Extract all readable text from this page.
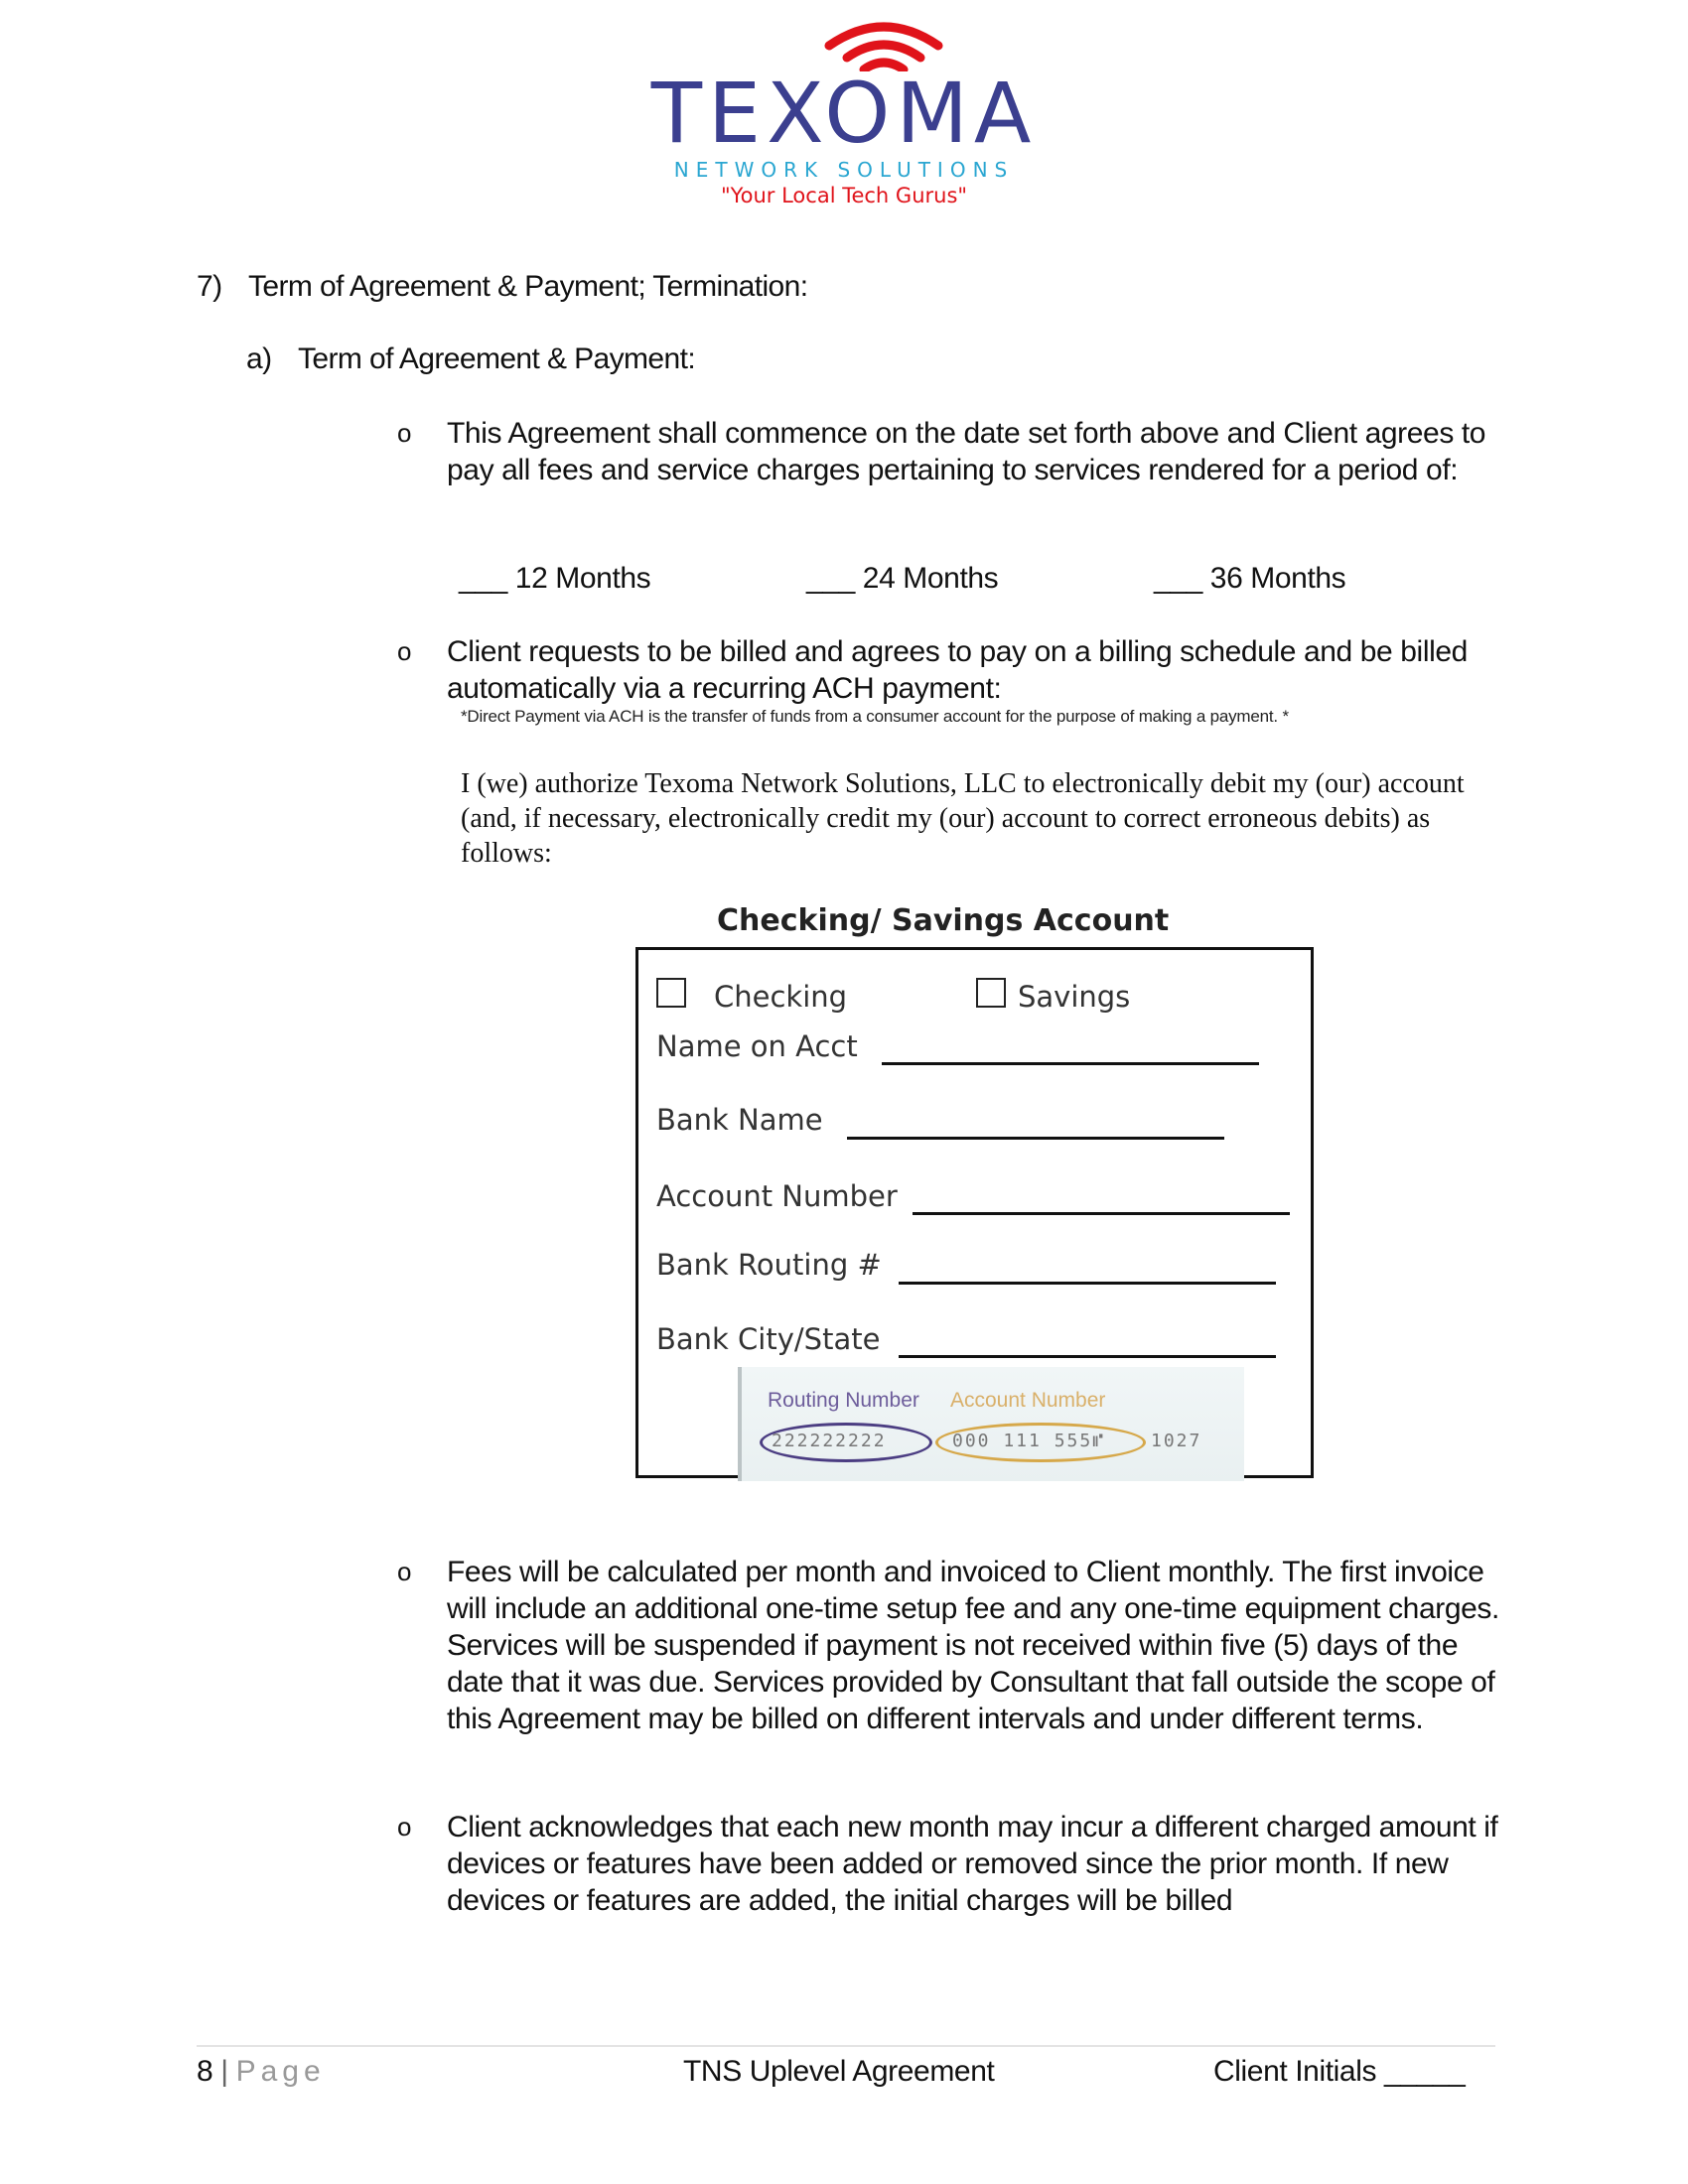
TEXOMA
NETWORK SOLUTIONS
"Your Local Tech Gurus"
7) Term of Agreement & Payment; Termination:
a) Term of Agreement & Payment:
o This Agreement shall commence on the date set forth above and Client agrees to pay all fees and service charges pertaining to services rendered for a period of:
___ 12 Months	___ 24 Months	___ 36 Months
o Client requests to be billed and agrees to pay on a billing schedule and be billed automatically via a recurring ACH payment:
*Direct Payment via ACH is the transfer of funds from a consumer account for the purpose of making a payment. *
I (we) authorize Texoma Network Solutions, LLC to electronically debit my (our) account (and, if necessary, electronically credit my (our) account to correct erroneous debits) as follows:
Checking/ Savings Account
Checking	Savings
Name on Acct
Bank Name
Account Number
Bank Routing #
Bank City/State
Routing Number Account Number
222222222	000 111 555⑈	1027
o Fees will be calculated per month and invoiced to Client monthly. The first invoice will include an additional one-time setup fee and any one-time equipment charges. Services will be suspended if payment is not received within five (5) days of the date that it was due. Services provided by Consultant that fall outside the scope of this Agreement may be billed on different intervals and under different terms.
o Client acknowledges that each new month may incur a different charged amount if devices or features have been added or removed since the prior month. If new devices or features are added, the initial charges will be billed
8 | Page	TNS Uplevel Agreement	Client Initials _____
